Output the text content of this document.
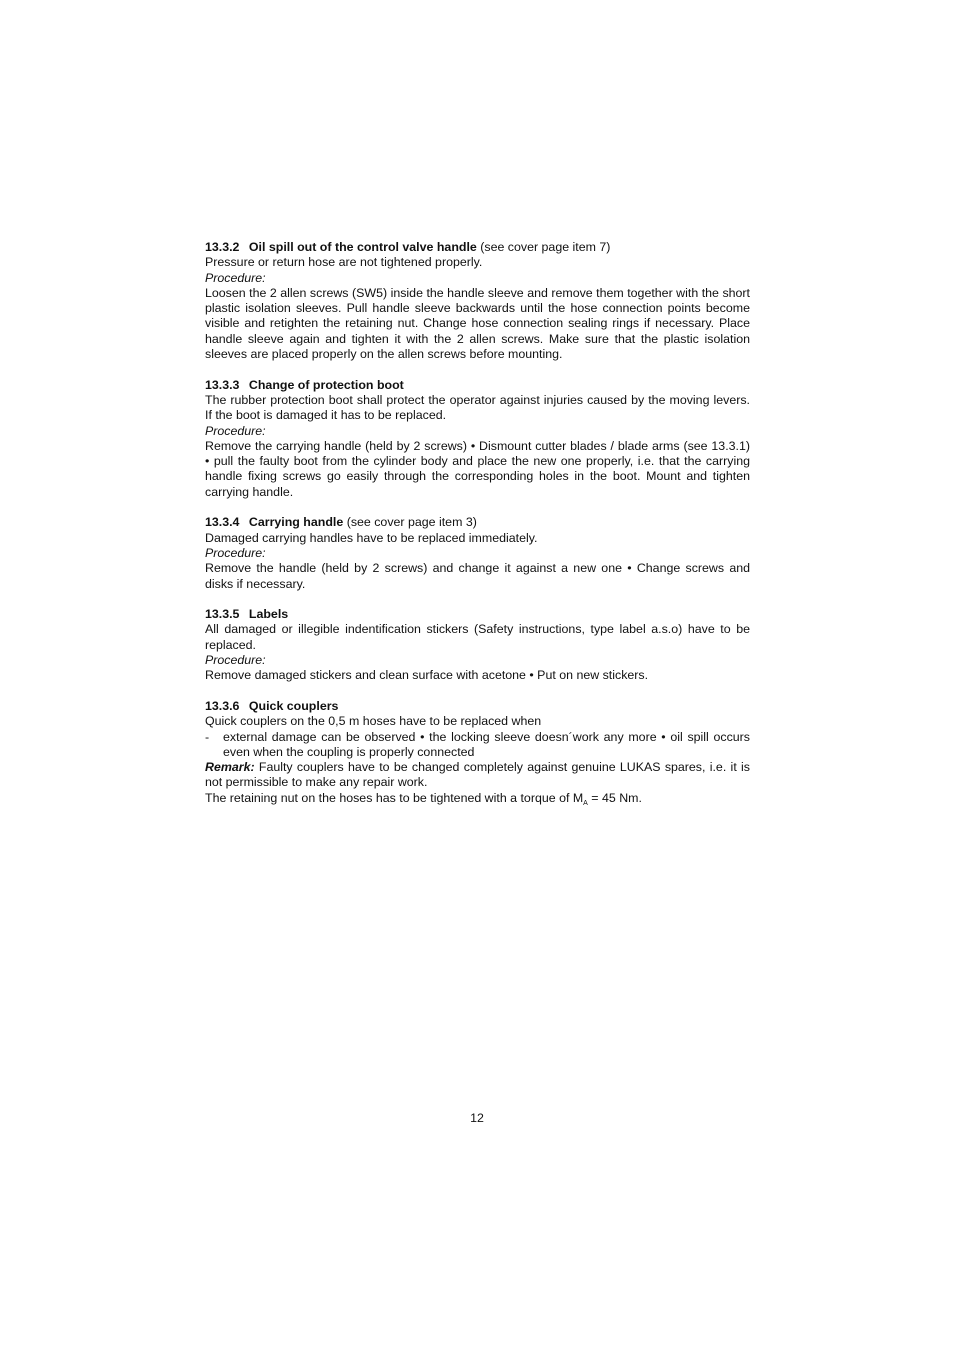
13.3.2 Oil spill out of the control valve handle (see cover page item 7)
Pressure or return hose are not tightened properly.
Procedure:
Loosen the 2 allen screws (SW5) inside the handle sleeve and remove them together with the short plastic isolation sleeves. Pull handle sleeve backwards until the hose connection points become visible and retighten the retaining nut. Change hose connection sealing rings if necessary. Place handle sleeve again and tighten it with the 2 allen screws. Make sure that the plastic isolation sleeves are placed properly on the allen screws before mounting.
13.3.3 Change of protection boot
The rubber protection boot shall protect the operator against injuries caused by the moving levers. If the boot is damaged it has to be replaced.
Procedure:
Remove the carrying handle (held by 2 screws) • Dismount cutter blades / blade arms (see 13.3.1) • pull the faulty boot from the cylinder body and place the new one properly, i.e. that the carrying handle fixing screws go easily through the corresponding holes in the boot. Mount and tighten carrying handle.
13.3.4 Carrying handle (see cover page item 3)
Damaged carrying handles have to be replaced immediately.
Procedure:
Remove the handle (held by 2 screws) and change it against a new one • Change screws and disks if necessary.
13.3.5 Labels
All damaged or illegible indentification stickers (Safety instructions, type label a.s.o) have to be replaced.
Procedure:
Remove damaged stickers and clean surface with acetone • Put on new stickers.
13.3.6 Quick couplers
Quick couplers on the 0,5 m hoses have to be replaced when
-	external damage can be observed • the locking sleeve doesn´work any more • oil spill occurs even when the coupling is properly connected
Remark: Faulty couplers have to be changed completely against genuine LUKAS spares, i.e. it is not permissible to make any repair work.
The retaining nut on the hoses has to be tightened with a torque of $M_A = 45$ Nm.
12
